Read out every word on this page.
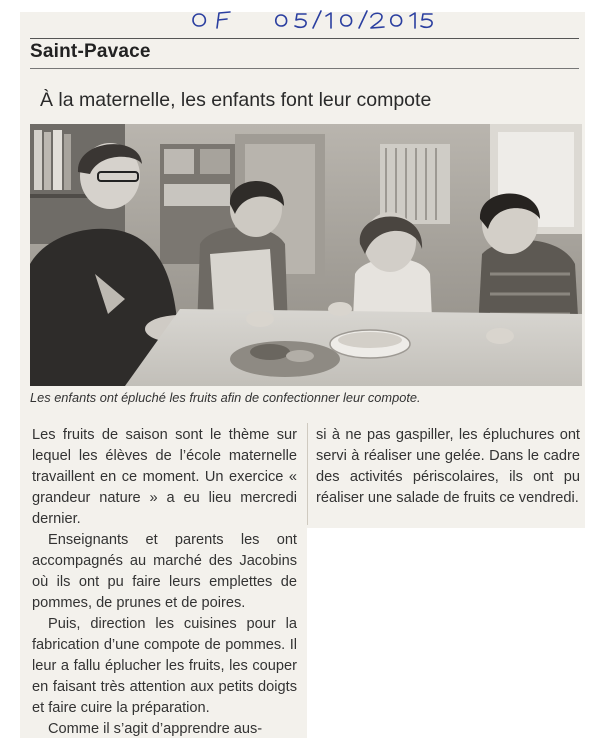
OF 05/10/2015
Saint-Pavace
À la maternelle, les enfants font leur compote
Les enfants ont épluché les fruits afin de confectionner leur compote.

Les fruits de saison sont le thème sur lequel les élèves de l’école maternelle travaillent en ce moment. Un exercice « grandeur nature » a eu lieu mercredi dernier.

Enseignants et parents les ont accompagnés au marché des Jacobins où ils ont pu faire leurs emplettes de pommes, de prunes et de poires.

Puis, direction les cuisines pour la fabrication d’une compote de pommes. Il leur a fallu éplucher les fruits, les couper en faisant très attention aux petits doigts et faire cuire la préparation.

Comme il s’agit d’apprendre aus-

si à ne pas gaspiller, les épluchures ont servi à réaliser une gelée. Dans le cadre des activités périscolaires, ils ont pu réaliser une salade de fruits ce vendredi.
